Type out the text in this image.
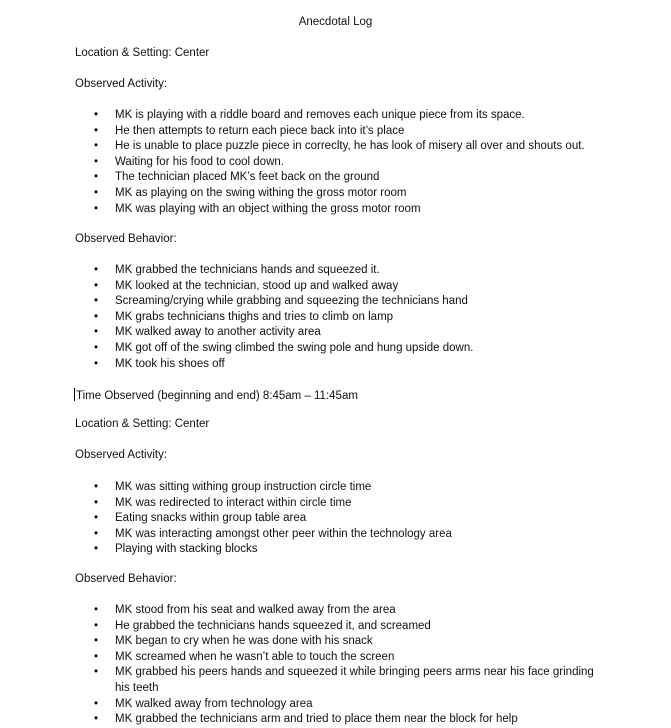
Anecdotal Log
Location & Setting: Center
Observed Activity:
• MK is playing with a riddle board and removes each unique piece from its space.
• He then attempts to return each piece back into it’s place
• He is unable to place puzzle piece in correclty, he has look of misery all over and shouts out.
• Waiting for his food to cool down.
• The technician placed MK’s feet back on the ground
• MK as playing on the swing withing the gross motor room
• MK was playing with an object withing the gross motor room
Observed Behavior:
• MK grabbed the technicians hands and squeezed it.
• MK looked at the technician, stood up and walked away
• Screaming/crying while grabbing and squeezing the technicians hand
• MK grabs technicians thighs and tries to climb on lamp
• MK walked away to another activity area
• MK got off of the swing climbed the swing pole and hung upside down.
• MK took his shoes off
Time Observed (beginning and end) 8:45am – 11:45am
Location & Setting: Center
Observed Activity:
• MK was sitting withing group instruction circle time
• MK was redirected to interact within circle time
• Eating snacks within group table area
• MK was interacting amongst other peer within the technology area
• Playing with stacking blocks
Observed Behavior:
• MK stood from his seat and walked away from the area
• He grabbed the technicians hands squeezed it, and screamed
• MK began to cry when he was done with his snack
• MK screamed when he wasn’t able to touch the screen
• MK grabbed his peers hands and squeezed it while bringing peers arms near his face grinding his teeth
• MK walked away from technology area
• MK grabbed the technicians arm and tried to place them near the block for help
